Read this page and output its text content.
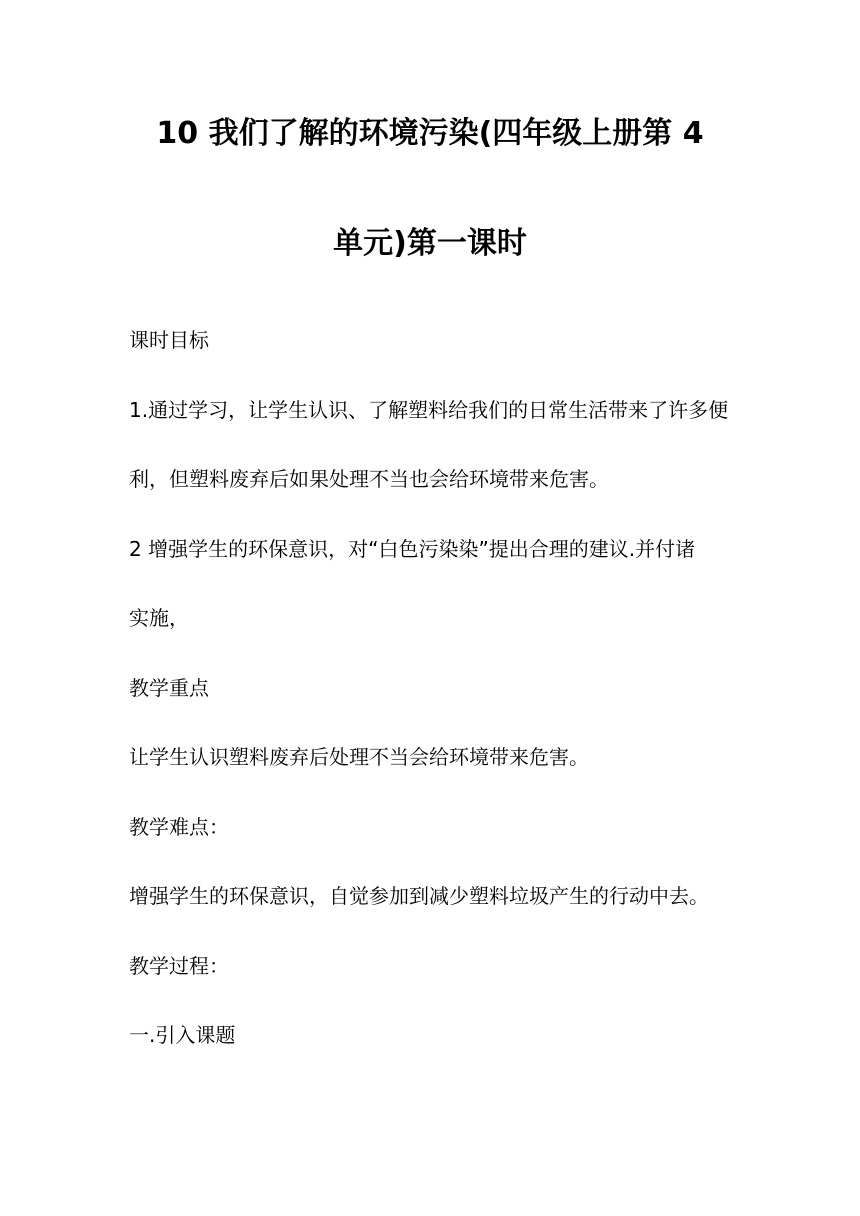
10 我们了解的环境污染(四年级上册第 4
单元)第一课时
课时目标
1.通过学习，让学生认识、了解塑料给我们的日常生活带来了许多便
利，但塑料废弃后如果处理不当也会给环境带来危害。
2 增强学生的环保意识，对“白色污染染”提出合理的建议.并付诸
实施，
教学重点
让学生认识塑料废弃后处理不当会给环境带来危害。
教学难点：
增强学生的环保意识，自觉参加到减少塑料垃圾产生的行动中去。
教学过程：
一.引入课题
